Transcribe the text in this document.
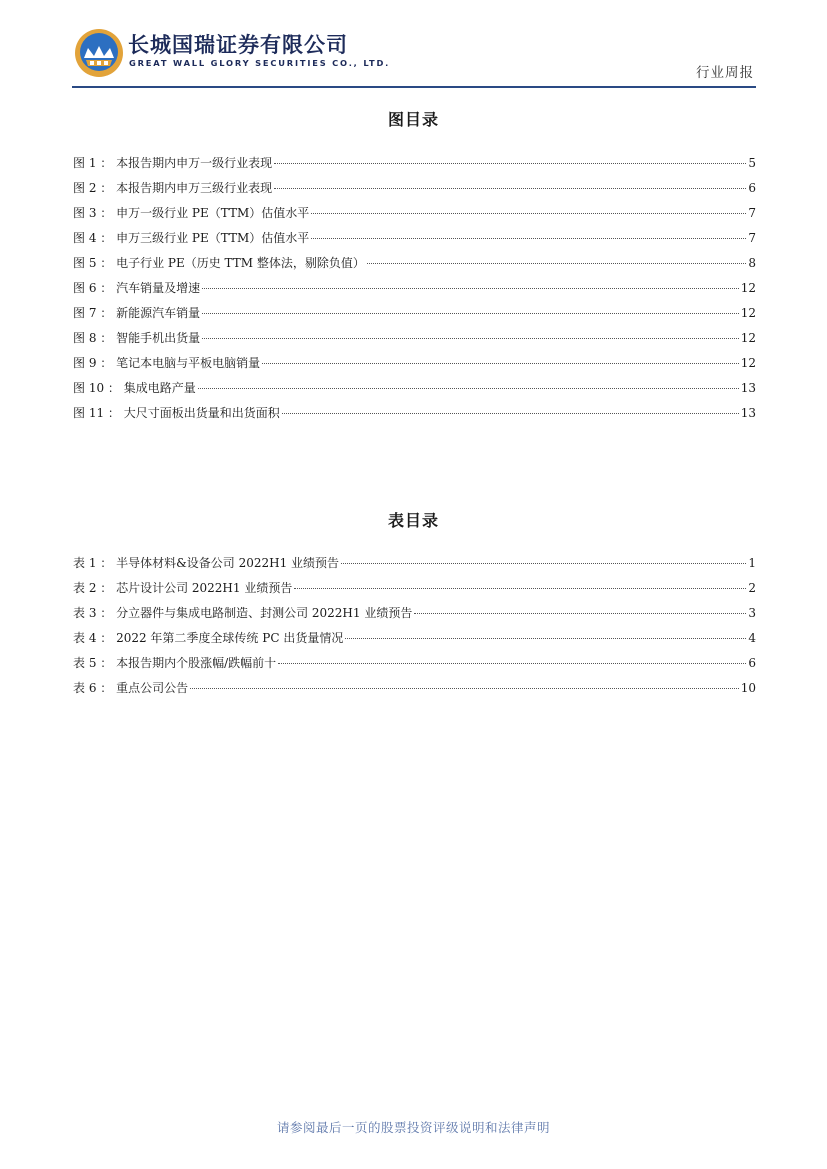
长城国瑞证券有限公司
GREAT WALL GLORY SECURITIES CO., LTD.
行业周报
图目录
图 1 ： 本报告期内申万一级行业表现	5
图 2 ： 本报告期内申万三级行业表现	6
图 3 ： 申万一级行业 PE（TTM）估值水平	7
图 4 ： 申万三级行业 PE（TTM）估值水平	7
图 5 ： 电子行业 PE（历史 TTM 整体法，剔除负值）	8
图 6 ： 汽车销量及增速	12
图 7 ： 新能源汽车销量	12
图 8 ： 智能手机出货量	12
图 9 ： 笔记本电脑与平板电脑销量	12
图 10 ： 集成电路产量	13
图 11 ： 大尺寸面板出货量和出货面积	13
表目录
表 1 ： 半导体材料&设备公司 2022H1 业绩预告	1
表 2 ： 芯片设计公司 2022H1 业绩预告	2
表 3 ： 分立器件与集成电路制造、封测公司 2022H1 业绩预告	3
表 4 ： 2022 年第二季度全球传统 PC 出货量情况	4
表 5 ： 本报告期内个股涨幅/跌幅前十	6
表 6 ： 重点公司公告	10
请参阅最后一页的股票投资评级说明和法律声明
